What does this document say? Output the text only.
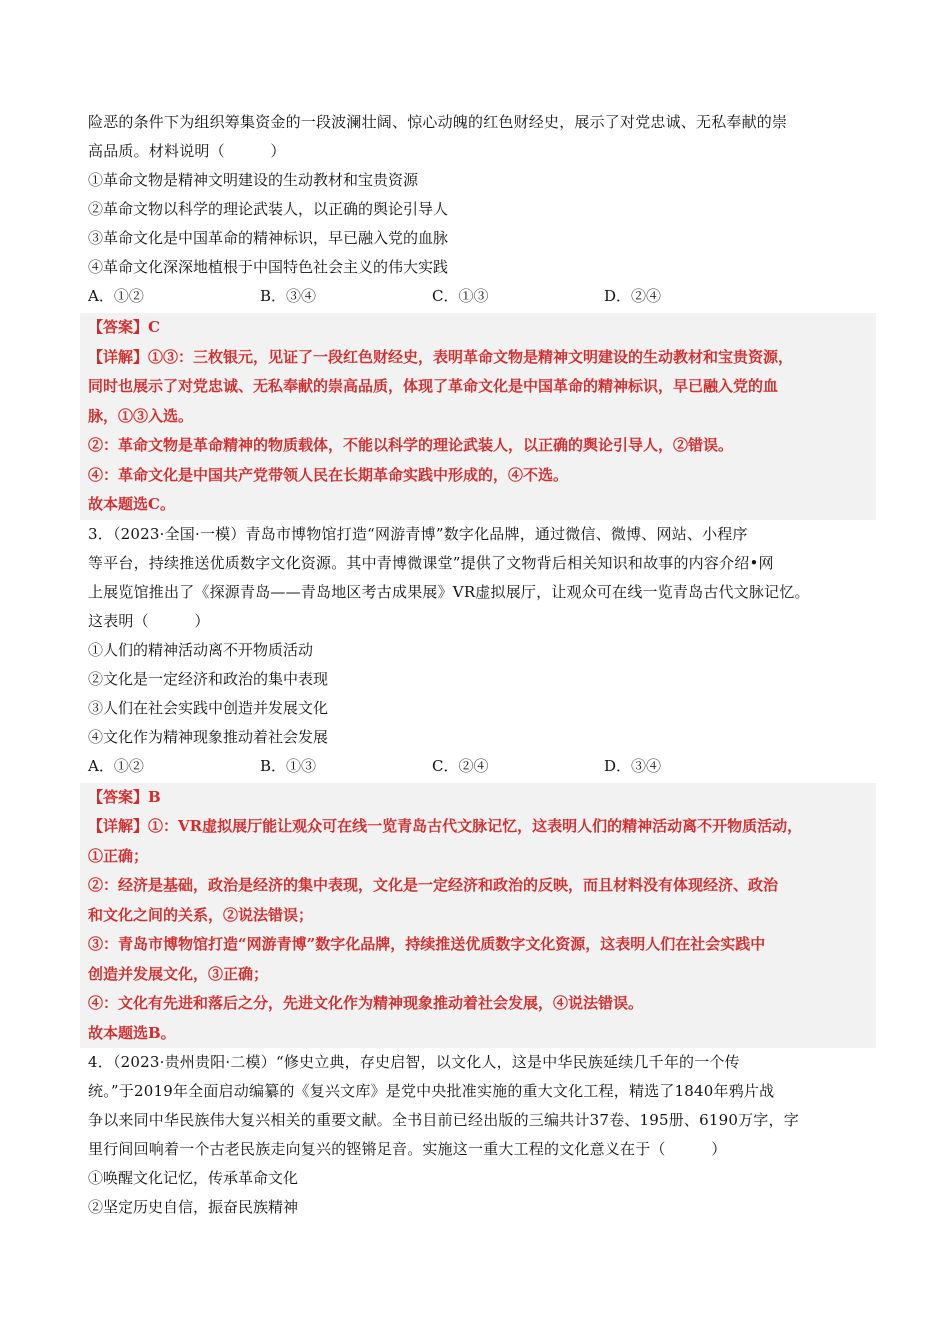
险恶的条件下为组织筹集资金的一段波澜壮阔、惊心动魄的红色财经史，展示了对党忠诚、无私奉献的崇
高品质。材料说明（　　　）
①革命文物是精神文明建设的生动教材和宝贵资源
②革命文物以科学的理论武装人，以正确的舆论引导人
③革命文化是中国革命的精神标识，早已融入党的血脉
④革命文化深深地植根于中国特色社会主义的伟大实践
A．①②	B．③④	C．①③	D．②④
【答案】C
【详解】①③：三枚银元，见证了一段红色财经史，表明革命文物是精神文明建设的生动教材和宝贵资源，
同时也展示了对党忠诚、无私奉献的崇高品质，体现了革命文化是中国革命的精神标识，早已融入党的血
脉，①③入选。
②：革命文物是革命精神的物质载体，不能以科学的理论武装人，以正确的舆论引导人，②错误。
④：革命文化是中国共产党带领人民在长期革命实践中形成的，④不选。
故本题选C。
3．（2023·全国·一模）青岛市博物馆打造“网游青博”数字化品牌，通过微信、微博、网站、小程序
等平台，持续推送优质数字文化资源。其中青博微课堂”提供了文物背后相关知识和故事的内容介绍•网
上展览馆推出了《探源青岛——青岛地区考古成果展》VR虚拟展厅，让观众可在线一览青岛古代文脉记忆。
这表明（　　　）
①人们的精神活动离不开物质活动
②文化是一定经济和政治的集中表现
③人们在社会实践中创造并发展文化
④文化作为精神现象推动着社会发展
A．①②	B．①③	C．②④	D．③④
【答案】B
【详解】①：VR虚拟展厅能让观众可在线一览青岛古代文脉记忆，这表明人们的精神活动离不开物质活动，
①正确；
②：经济是基础，政治是经济的集中表现，文化是一定经济和政治的反映，而且材料没有体现经济、政治
和文化之间的关系，②说法错误；
③：青岛市博物馆打造“网游青博”数字化品牌，持续推送优质数字文化资源，这表明人们在社会实践中
创造并发展文化，③正确；
④：文化有先进和落后之分，先进文化作为精神现象推动着社会发展，④说法错误。
故本题选B。
4．（2023·贵州贵阳·二模）“修史立典，存史启智，以文化人，这是中华民族延续几千年的一个传
统。”于2019年全面启动编纂的《复兴文库》是党中央批准实施的重大文化工程，精选了1840年鸦片战
争以来同中华民族伟大复兴相关的重要文献。全书目前已经出版的三编共计37卷、195册、6190万字，字
里行间回响着一个古老民族走向复兴的铿锵足音。实施这一重大工程的文化意义在于（　　　）
①唤醒文化记忆，传承革命文化
②坚定历史自信，振奋民族精神
